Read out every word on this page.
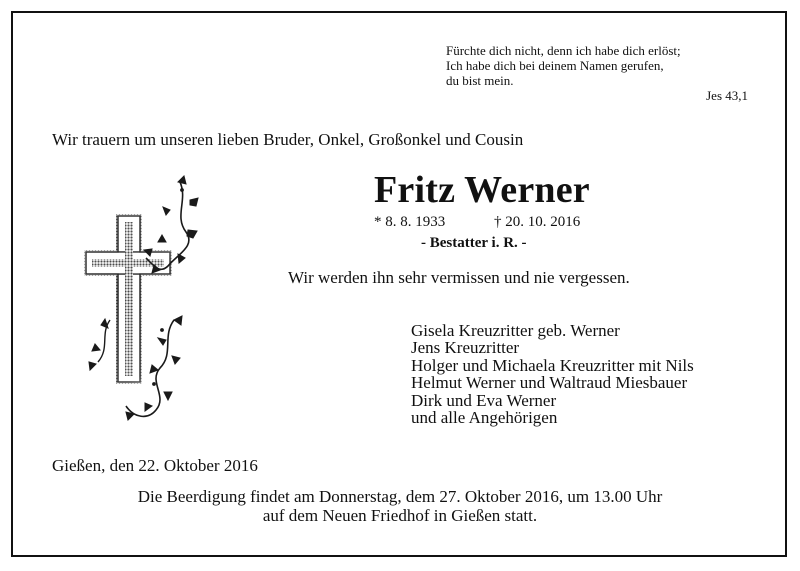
Fürchte dich nicht, denn ich habe dich erlöst;
Ich habe dich bei deinem Namen gerufen,
du bist mein.
Jes 43,1
Wir trauern um unseren lieben Bruder, Onkel, Großonkel und Cousin
Fritz Werner
* 8. 8. 1933	† 20. 10. 2016
- Bestatter i. R. -
Wir werden ihn sehr vermissen und nie vergessen.
Gisela Kreuzritter geb. Werner
Jens Kreuzritter
Holger und Michaela Kreuzritter mit Nils
Helmut Werner und Waltraud Miesbauer
Dirk und Eva Werner
und alle Angehörigen
Gießen, den 22. Oktober 2016
Die Beerdigung findet am Donnerstag, dem 27. Oktober 2016, um 13.00 Uhr
auf dem Neuen Friedhof in Gießen statt.
